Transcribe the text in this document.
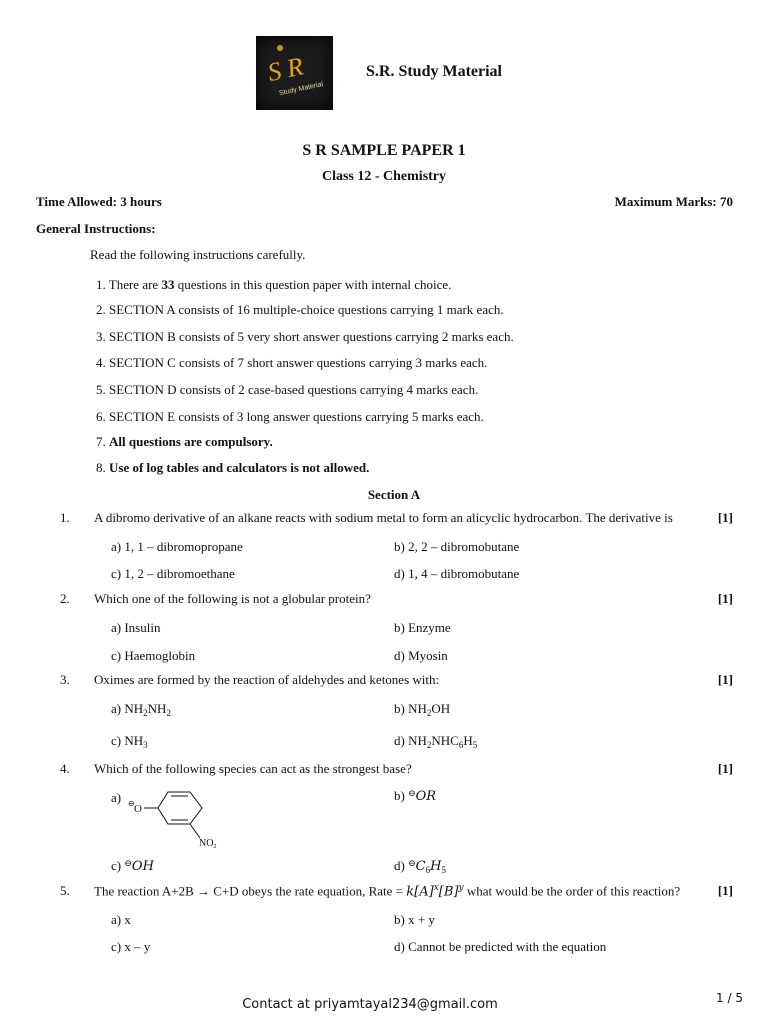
S R
Study Material
S.R. Study Material
S R SAMPLE PAPER 1
Class 12 - Chemistry
Time Allowed: 3 hours	Maximum Marks: 70
General Instructions:
Read the following instructions carefully.
1. There are 33 questions in this question paper with internal choice.
2. SECTION A consists of 16 multiple-choice questions carrying 1 mark each.
3. SECTION B consists of 5 very short answer questions carrying 2 marks each.
4. SECTION C consists of 7 short answer questions carrying 3 marks each.
5. SECTION D consists of 2 case-based questions carrying 4 marks each.
6. SECTION E consists of 3 long answer questions carrying 5 marks each.
7. All questions are compulsory.
8. Use of log tables and calculators is not allowed.
Section A
1. A dibromo derivative of an alkane reacts with sodium metal to form an alicyclic hydrocarbon. The derivative is	[1]
a) 1, 1 – dibromopropane	b) 2, 2 – dibromobutane
c) 1, 2 – dibromoethane	d) 1, 4 – dibromobutane
2. Which one of the following is not a globular protein?	[1]
a) Insulin	b) Enzyme
c) Haemoglobin	d) Myosin
3. Oximes are formed by the reaction of aldehydes and ketones with:	[1]
a) $NH_2NH_2$	b) $NH_2OH$
c) $NH_3$	d) $NH_2NHC_6H_5$
4. Which of the following species can act as the strongest base?	[1]
a) ⊖ O
$NO_2$
b) ⊖OR
c) ⊖OH	d) $^⊖C_6H_5$
5. The reaction A+2B → C+D obeys the rate equation, Rate = $k[A]^x[B]^y$ what would be the order of this reaction?	[1]
a) x	b) x + y
c) x – y	d) Cannot be predicted with the equation
Contact at priyamtayal234@gmail.com	1 / 5
